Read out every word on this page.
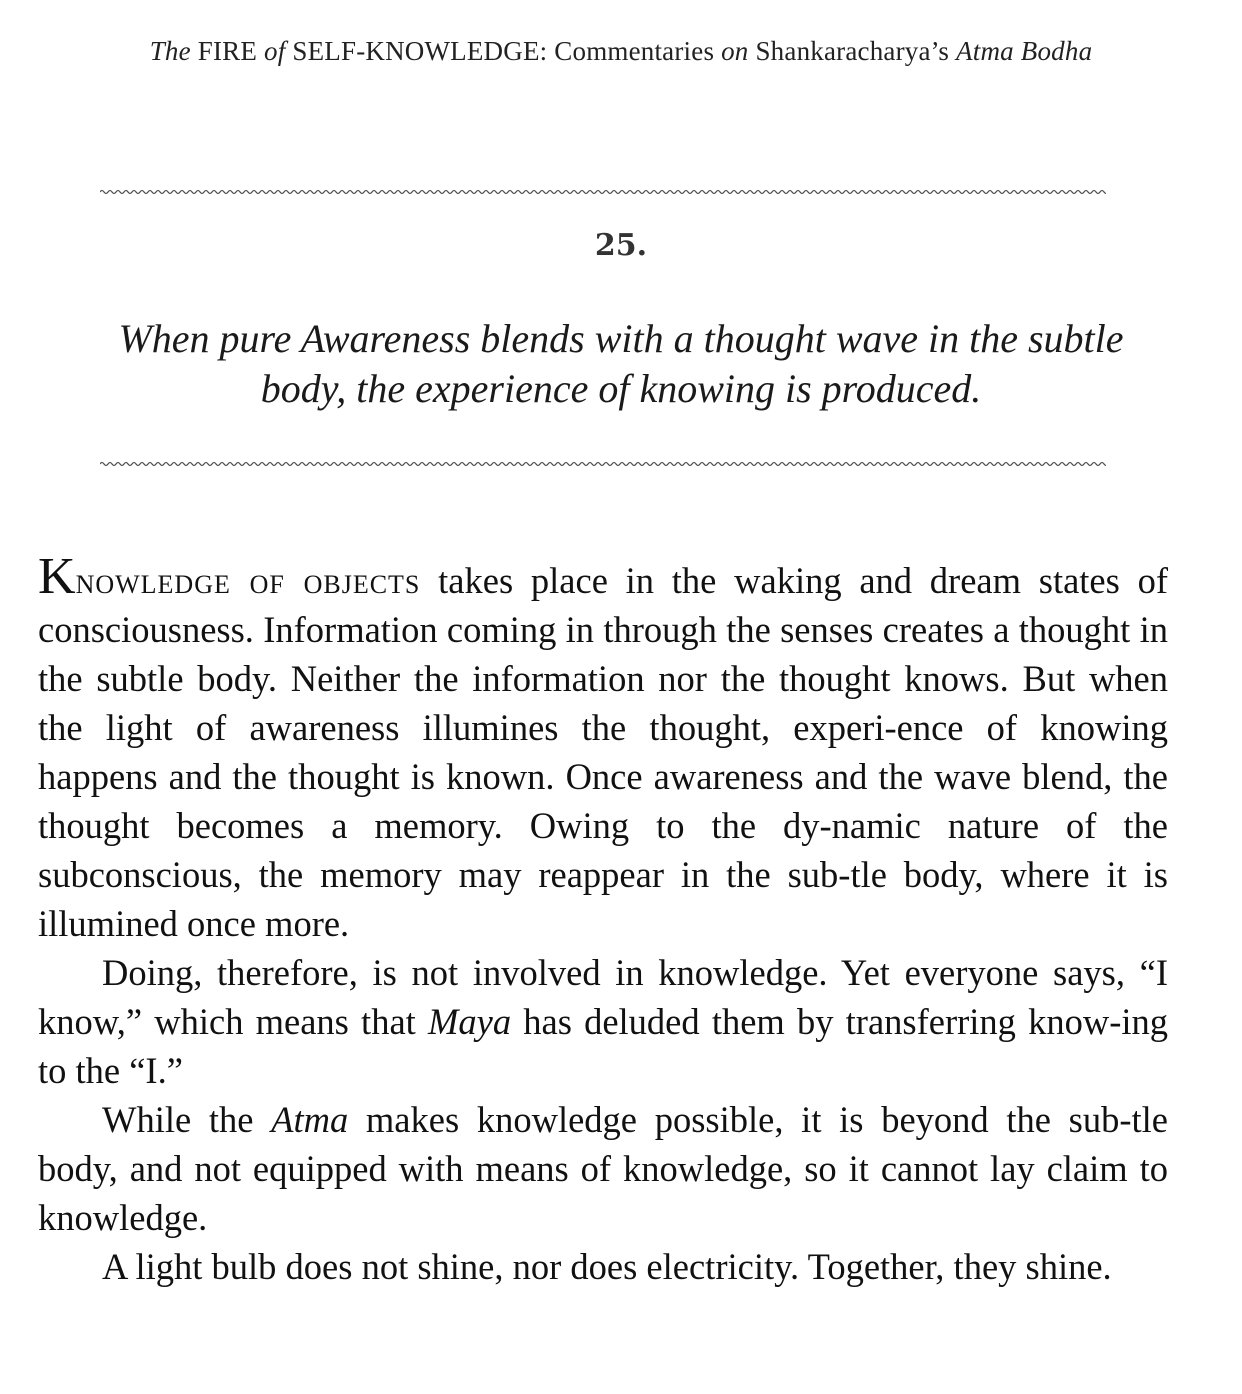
The FIRE of SELF-KNOWLEDGE: Commentaries on Shankaracharya’s Atma Bodha
25.
When pure Awareness blends with a thought wave in the subtle body, the experience of knowing is produced.

Knowledge of objects takes place in the waking and dream states of consciousness. Information coming in through the senses creates a thought in the subtle body. Neither the information nor the thought knows. But when the light of awareness illumines the thought, experi-ence of knowing happens and the thought is known. Once awareness and the wave blend, the thought becomes a memory. Owing to the dy-namic nature of the subconscious, the memory may reappear in the sub-tle body, where it is illumined once more.

Doing, therefore, is not involved in knowledge. Yet everyone says, “I know,” which means that Maya has deluded them by transferring know-ing to the “I.”

While the Atma makes knowledge possible, it is beyond the sub-tle body, and not equipped with means of knowledge, so it cannot lay claim to knowledge.

A light bulb does not shine, nor does electricity. Together, they shine.
